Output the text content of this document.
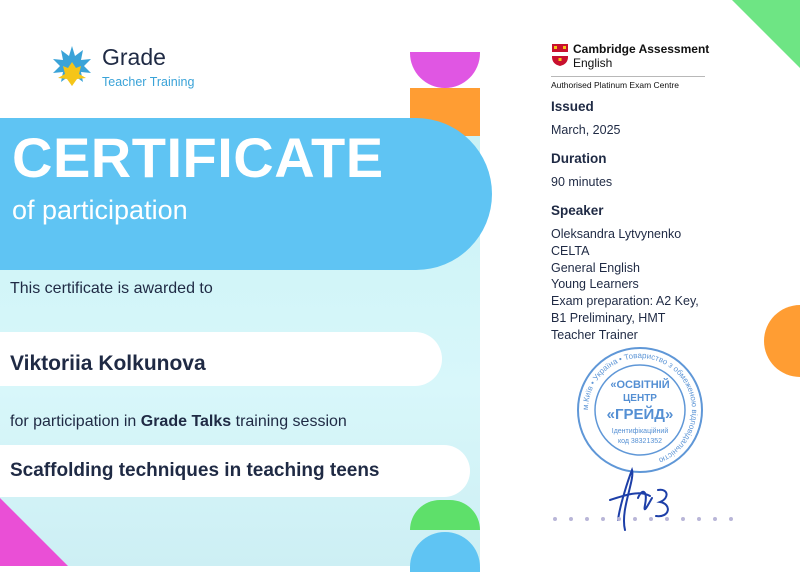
Grade
Teacher Training
CERTIFICATE
of participation
This certificate is awarded to
Viktoriia Kolkunova
for participation in Grade Talks training session
Scaffolding techniques in teaching teens
Cambridge Assessment
English
Authorised Platinum Exam Centre
Issued
March, 2025
Duration
90 minutes
Speaker
Oleksandra Lytvynenko
CELTA
General English
Young Learners
Exam preparation: A2 Key,
B1 Preliminary, HMT
Teacher Trainer
м.Київ • Україна • Товариство з обмеженою відповідальністю
«ОСВІТНІЙ
ЦЕНТР
«ГРЕЙД»
Ідентифікаційний
код 38321352
